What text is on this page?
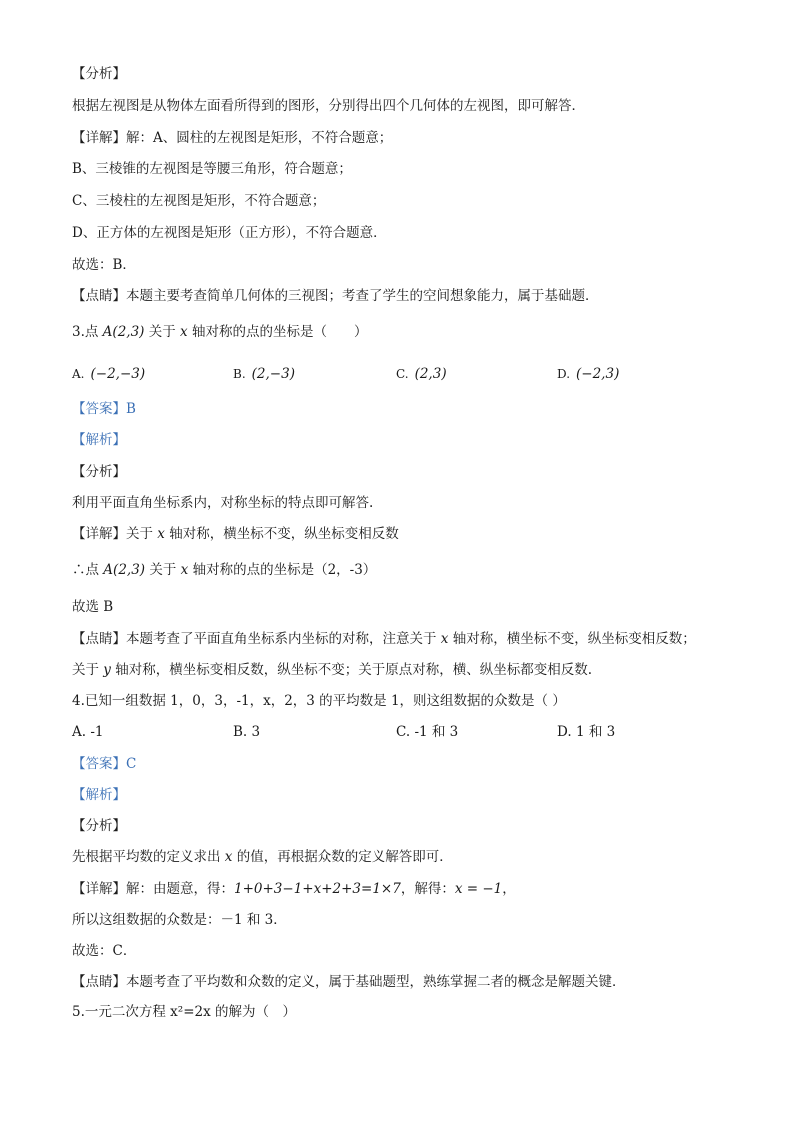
【分析】
根据左视图是从物体左面看所得到的图形，分别得出四个几何体的左视图，即可解答．
【详解】解：A、圆柱的左视图是矩形，不符合题意；
B、三棱锥的左视图是等腰三角形，符合题意；
C、三棱柱的左视图是矩形，不符合题意；
D、正方体的左视图是矩形（正方形），不符合题意．
故选：B．
【点睛】本题主要考查简单几何体的三视图；考查了学生的空间想象能力，属于基础题．
3.点 A(2,3) 关于 x 轴对称的点的坐标是（　　）
A. (−2,−3)	B. (2,−3)	C. (2,3)	D. (−2,3)
【答案】B
【解析】
【分析】
利用平面直角坐标系内，对称坐标的特点即可解答.
【详解】关于 x 轴对称，横坐标不变，纵坐标变相反数
∴点 A(2,3) 关于 x 轴对称的点的坐标是（2，-3）
故选 B
【点睛】本题考查了平面直角坐标系内坐标的对称，注意关于 x 轴对称，横坐标不变，纵坐标变相反数；
关于 y 轴对称，横坐标变相反数，纵坐标不变；关于原点对称，横、纵坐标都变相反数.
4.已知一组数据 1，0，3，-1，x，2，3 的平均数是 1，则这组数据的众数是（ ）
A. -1	B. 3	C. -1 和 3	D. 1 和 3
【答案】C
【解析】
【分析】
先根据平均数的定义求出 x 的值，再根据众数的定义解答即可．
【详解】解：由题意，得：1+0+3−1+x+2+3=1×7，解得：x = −1，
所以这组数据的众数是：－1 和 3．
故选：C．
【点睛】本题考查了平均数和众数的定义，属于基础题型，熟练掌握二者的概念是解题关键．
5.一元二次方程 x²=2x 的解为（　）
